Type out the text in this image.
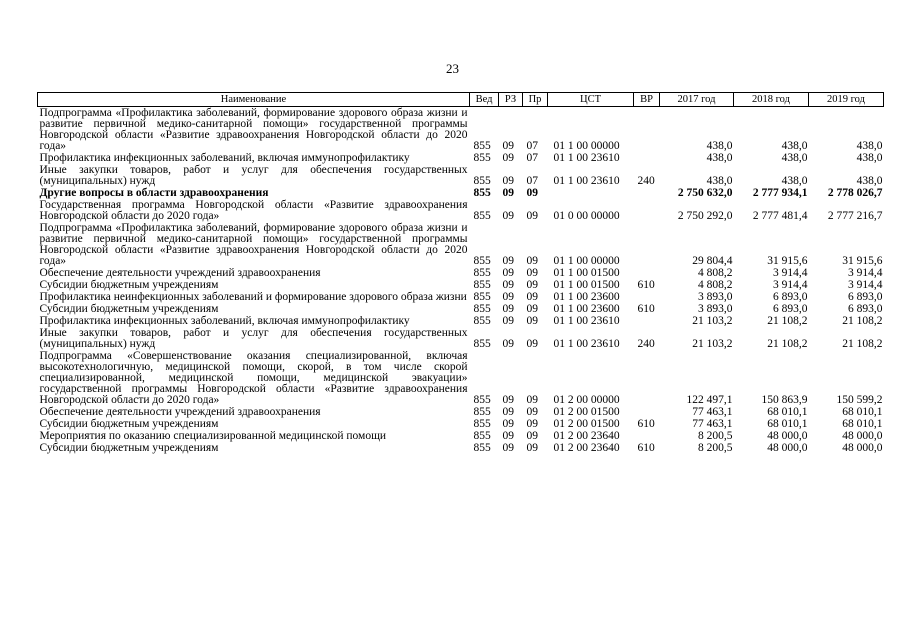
23
Наименование	Вед	РЗ	Пр	ЦСТ	ВР	2017 год	2018 год	2019 год
Подпрограмма «Профилактика заболеваний, формирование здорового образа жизни и развитие первичной медико-санитарной помощи» государственной программы Новгородской области «Развитие здравоохранения Новгородской области до 2020 года»	855	09	07	01 1 00 00000		438,0	438,0	438,0
Профилактика инфекционных заболеваний, включая иммунопрофилактику	855	09	07	01 1 00 23610		438,0	438,0	438,0
Иные закупки товаров, работ и услуг для обеспечения государственных (муниципальных) нужд	855	09	07	01 1 00 23610	240	438,0	438,0	438,0
Другие вопросы в области здравоохранения	855	09	09			2 750 632,0	2 777 934,1	2 778 026,7
Государственная программа Новгородской области «Развитие здравоохранения Новгородской области до 2020 года»	855	09	09	01 0 00 00000		2 750 292,0	2 777 481,4	2 777 216,7
Подпрограмма «Профилактика заболеваний, формирование здорового образа жизни и развитие первичной медико-санитарной помощи» государственной программы Новгородской области «Развитие здравоохранения Новгородской области до 2020 года»	855	09	09	01 1 00 00000		29 804,4	31 915,6	31 915,6
Обеспечение деятельности учреждений здравоохранения	855	09	09	01 1 00 01500		4 808,2	3 914,4	3 914,4
Субсидии бюджетным учреждениям	855	09	09	01 1 00 01500	610	4 808,2	3 914,4	3 914,4
Профилактика неинфекционных заболеваний и формирование здорового образа жизни	855	09	09	01 1 00 23600		3 893,0	6 893,0	6 893,0
Субсидии бюджетным учреждениям	855	09	09	01 1 00 23600	610	3 893,0	6 893,0	6 893,0
Профилактика инфекционных заболеваний, включая иммунопрофилактику	855	09	09	01 1 00 23610		21 103,2	21 108,2	21 108,2
Иные закупки товаров, работ и услуг для обеспечения государственных (муниципальных) нужд	855	09	09	01 1 00 23610	240	21 103,2	21 108,2	21 108,2
Подпрограмма «Совершенствование оказания специализированной, включая высокотехнологичную, медицинской помощи, скорой, в том числе скорой специализированной, медицинской помощи, медицинской эвакуации» государственной программы Новгородской области «Развитие здравоохранения Новгородской области до 2020 года»	855	09	09	01 2 00 00000		122 497,1	150 863,9	150 599,2
Обеспечение деятельности учреждений здравоохранения	855	09	09	01 2 00 01500		77 463,1	68 010,1	68 010,1
Субсидии бюджетным учреждениям	855	09	09	01 2 00 01500	610	77 463,1	68 010,1	68 010,1
Мероприятия по оказанию специализированной медицинской помощи	855	09	09	01 2 00 23640		8 200,5	48 000,0	48 000,0
Субсидии бюджетным учреждениям	855	09	09	01 2 00 23640	610	8 200,5	48 000,0	48 000,0
